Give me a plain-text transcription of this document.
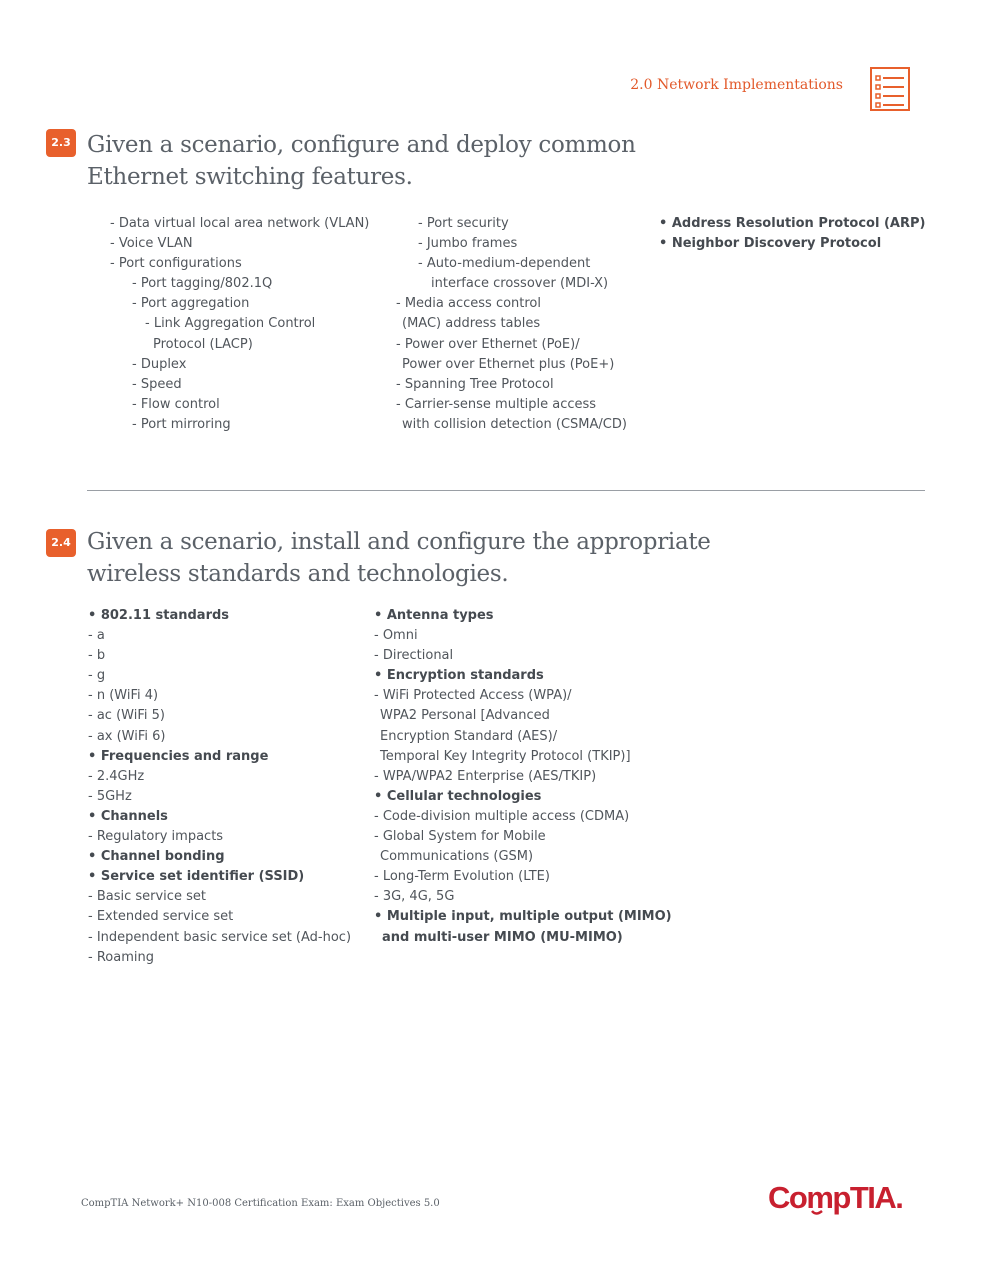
2.0 Network Implementations
2.3 Given a scenario, configure and deploy common
Ethernet switching features.
- Data virtual local area network (VLAN)
- Voice VLAN
- Port configurations
- Port tagging/802.1Q
- Port aggregation
- Link Aggregation Control
Protocol (LACP)
- Duplex
- Speed
- Flow control
- Port mirroring
- Port security
- Jumbo frames
- Auto-medium-dependent
interface crossover (MDI-X)
- Media access control
(MAC) address tables
- Power over Ethernet (PoE)/
Power over Ethernet plus (PoE+)
- Spanning Tree Protocol
- Carrier-sense multiple access
with collision detection (CSMA/CD)
• Address Resolution Protocol (ARP)
• Neighbor Discovery Protocol
2.4 Given a scenario, install and configure the appropriate
wireless standards and technologies.
• 802.11 standards
- a
- b
- g
- n (WiFi 4)
- ac (WiFi 5)
- ax (WiFi 6)
• Frequencies and range
- 2.4GHz
- 5GHz
• Channels
- Regulatory impacts
• Channel bonding
• Service set identifier (SSID)
- Basic service set
- Extended service set
- Independent basic service set (Ad-hoc)
- Roaming
• Antenna types
- Omni
- Directional
• Encryption standards
- WiFi Protected Access (WPA)/
WPA2 Personal [Advanced
Encryption Standard (AES)/
Temporal Key Integrity Protocol (TKIP)]
- WPA/WPA2 Enterprise (AES/TKIP)
• Cellular technologies
- Code-division multiple access (CDMA)
- Global System for Mobile
Communications (GSM)
- Long-Term Evolution (LTE)
- 3G, 4G, 5G
• Multiple input, multiple output (MIMO)
and multi-user MIMO (MU-MIMO)
CompTIA Network+ N10-008 Certification Exam: Exam Objectives 5.0	CompTIA.
